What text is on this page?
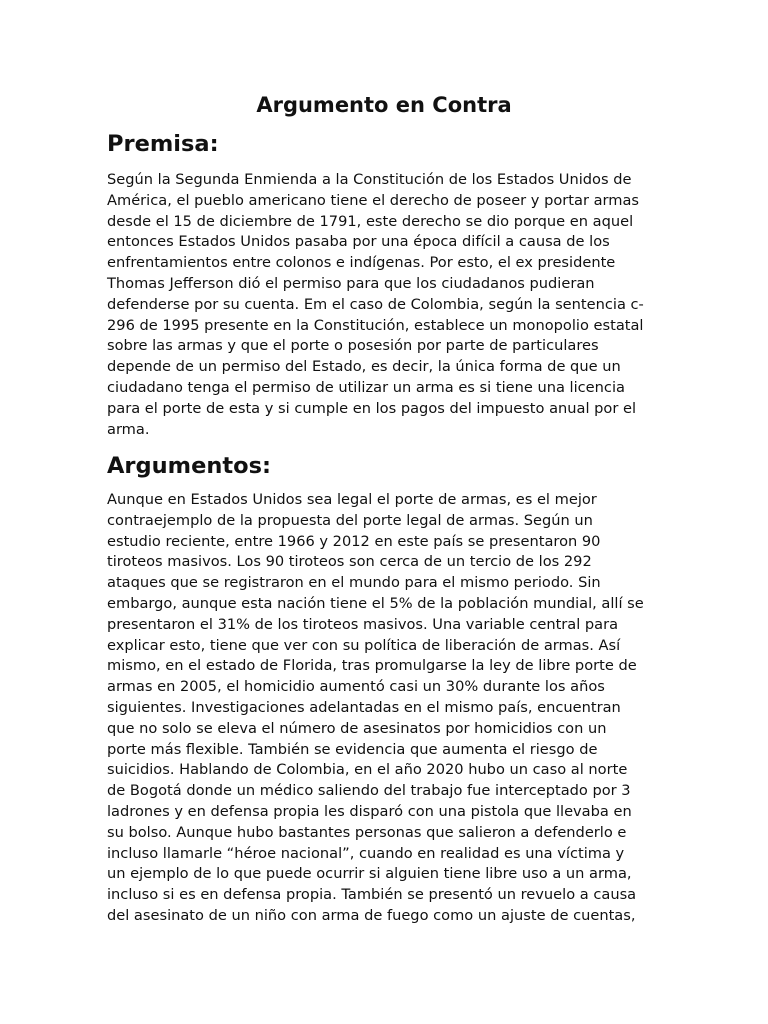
Argumento en Contra
Premisa:
Según la Segunda Enmienda a la Constitución de los Estados Unidos de
América, el pueblo americano tiene el derecho de poseer y portar armas
desde el 15 de diciembre de 1791, este derecho se dio porque en aquel
entonces Estados Unidos pasaba por una época difícil a causa de los
enfrentamientos entre colonos e indígenas. Por esto, el ex presidente
Thomas Jefferson dió el permiso para que los ciudadanos pudieran
defenderse por su cuenta. Em el caso de Colombia, según la sentencia c-
296 de 1995 presente en la Constitución, establece un monopolio estatal
sobre las armas y que el porte o posesión por parte de particulares
depende de un permiso del Estado, es decir, la única forma de que un
ciudadano tenga el permiso de utilizar un arma es si tiene una licencia
para el porte de esta y si cumple en los pagos del impuesto anual por el
arma.
Argumentos:
Aunque en Estados Unidos sea legal el porte de armas, es el mejor
contraejemplo de la propuesta del porte legal de armas. Según un
estudio reciente, entre 1966 y 2012 en este país se presentaron 90
tiroteos masivos. Los 90 tiroteos son cerca de un tercio de los 292
ataques que se registraron en el mundo para el mismo periodo. Sin
embargo, aunque esta nación tiene el 5% de la población mundial, allí se
presentaron el 31% de los tiroteos masivos. Una variable central para
explicar esto, tiene que ver con su política de liberación de armas. Así
mismo, en el estado de Florida, tras promulgarse la ley de libre porte de
armas en 2005, el homicidio aumentó casi un 30% durante los años
siguientes. Investigaciones adelantadas en el mismo país, encuentran
que no solo se eleva el número de asesinatos por homicidios con un
porte más flexible. También se evidencia que aumenta el riesgo de
suicidios. Hablando de Colombia, en el año 2020 hubo un caso al norte
de Bogotá donde un médico saliendo del trabajo fue interceptado por 3
ladrones y en defensa propia les disparó con una pistola que llevaba en
su bolso. Aunque hubo bastantes personas que salieron a defenderlo e
incluso llamarle “héroe nacional”, cuando en realidad es una víctima y
un ejemplo de lo que puede ocurrir si alguien tiene libre uso a un arma,
incluso si es en defensa propia. También se presentó un revuelo a causa
del asesinato de un niño con arma de fuego como un ajuste de cuentas,
